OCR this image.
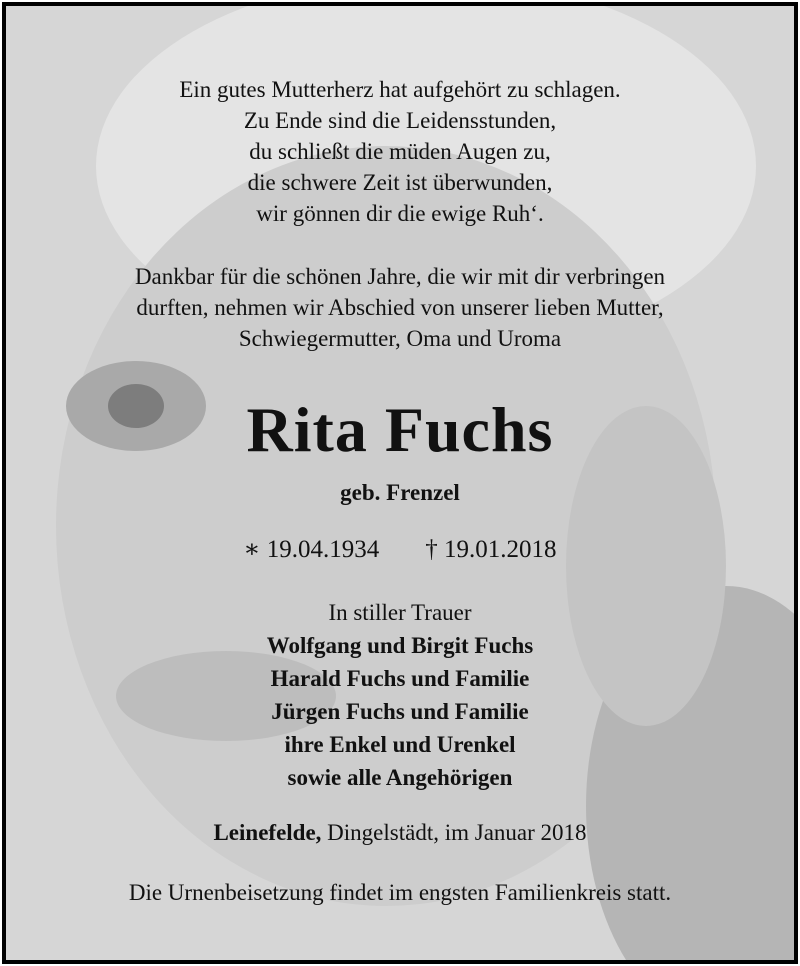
Ein gutes Mutterherz hat aufgehört zu schlagen.
Zu Ende sind die Leidensstunden,
du schließt die müden Augen zu,
die schwere Zeit ist überwunden,
wir gönnen dir die ewige Ruh‘.
Dankbar für die schönen Jahre, die wir mit dir verbringen
durften, nehmen wir Abschied von unserer lieben Mutter,
Schwiegermutter, Oma und Uroma
Rita Fuchs
geb. Frenzel
∗ 19.04.1934 † 19.01.2018
In stiller Trauer
Wolfgang und Birgit Fuchs
Harald Fuchs und Familie
Jürgen Fuchs und Familie
ihre Enkel und Urenkel
sowie alle Angehörigen
Leinefelde, Dingelstädt, im Januar 2018
Die Urnenbeisetzung findet im engsten Familienkreis statt.
